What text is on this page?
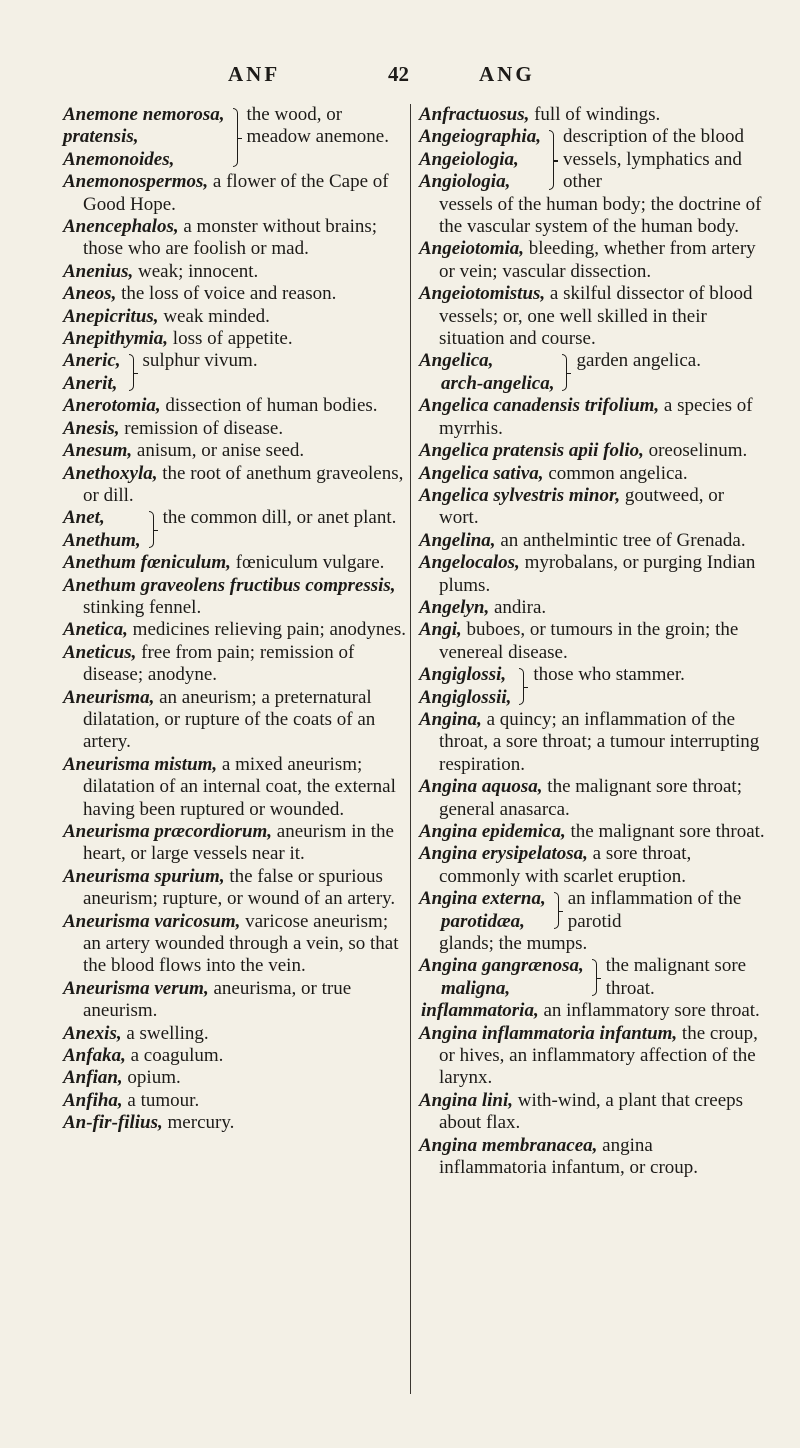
ANF	42	ANG
Anemone nemorosa,
pratensis,
Anemonoides,
the wood, or meadow anemone.

Anemonospermos, a flower of the Cape of Good Hope.

Anencephalos, a monster without brains; those who are foolish or mad.

Anenius, weak; innocent.

Aneos, the loss of voice and reason.

Anepicritus, weak minded.

Anepithymia, loss of appetite.

Aneric,
Anerit,
sulphur vivum.

Anerotomia, dissection of human bodies.

Anesis, remission of disease.

Anesum, anisum, or anise seed.

Anethoxyla, the root of anethum graveolens, or dill.

Anet,
Anethum,
the common dill, or anet plant.

Anethum fœniculum, fœniculum vulgare.

Anethum graveolens fructibus compressis, stinking fennel.

Anetica, medicines relieving pain; anodynes.

Aneticus, free from pain; remission of disease; anodyne.

Aneurisma, an aneurism; a preternatural dilatation, or rupture of the coats of an artery.

Aneurisma mistum, a mixed aneurism; dilatation of an internal coat, the external having been ruptured or wounded.

Aneurisma præcordiorum, aneurism in the heart, or large vessels near it.

Aneurisma spurium, the false or spurious aneurism; rupture, or wound of an artery.

Aneurisma varicosum, varicose aneurism; an artery wounded through a vein, so that the blood flows into the vein.

Aneurisma verum, aneurisma, or true aneurism.

Anexis, a swelling.

Anfaka, a coagulum.

Anfian, opium.

Anfiha, a tumour.

An-fir-filius, mercury.

Anfractuosus, full of windings.

Angeiographia,
Angeiologia,
Angiologia,
description of the blood vessels, lymphatics and other

vessels of the human body; the doctrine of the vascular system of the human body.

Angeiotomia, bleeding, whether from artery or vein; vascular dissection.

Angeiotomistus, a skilful dissector of blood vessels; or, one well skilled in their situation and course.

Angelica,
arch-angelica,
garden angelica.

Angelica canadensis trifolium, a species of myrrhis.

Angelica pratensis apii folio, oreoselinum.

Angelica sativa, common angelica.

Angelica sylvestris minor, goutweed, or wort.

Angelina, an anthelmintic tree of Grenada.

Angelocalos, myrobalans, or purging Indian plums.

Angelyn, andira.

Angi, buboes, or tumours in the groin; the venereal disease.

Angiglossi,
Angiglossii,
those who stammer.

Angina, a quincy; an inflammation of the throat, a sore throat; a tumour interrupting respiration.

Angina aquosa, the malignant sore throat; general anasarca.

Angina epidemica, the malignant sore throat.

Angina erysipelatosa, a sore throat, commonly with scarlet eruption.

Angina externa,
parotidæa,
an inflammation of the parotid

glands; the mumps.

Angina gangrænosa,
maligna,
the malignant sore throat.

inflammatoria, an inflammatory sore throat.

Angina inflammatoria infantum, the croup, or hives, an inflammatory affection of the larynx.

Angina lini, with-wind, a plant that creeps about flax.

Angina membranacea, angina inflammatoria infantum, or croup.
